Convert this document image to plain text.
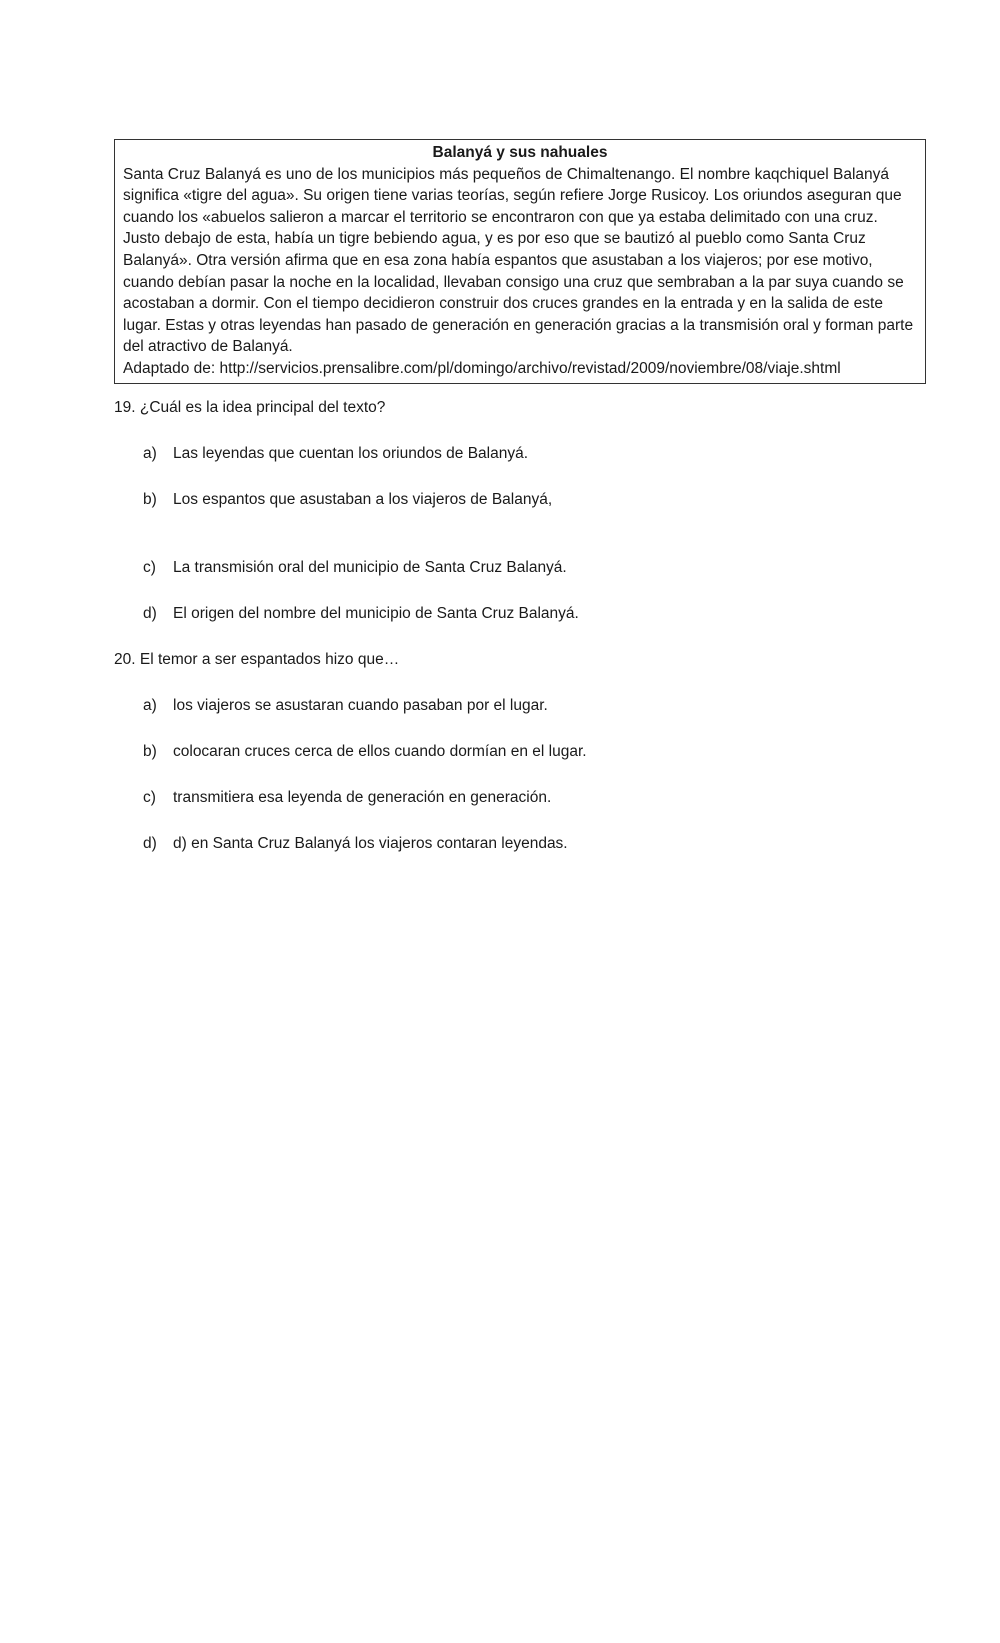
Balanyá y sus nahuales
Santa Cruz Balanyá es uno de los municipios más pequeños de Chimaltenango. El nombre kaqchiquel Balanyá significa «tigre del agua». Su origen tiene varias teorías, según refiere Jorge Rusicoy. Los oriundos aseguran que cuando los «abuelos salieron a marcar el territorio se encontraron con que ya estaba delimitado con una cruz. Justo debajo de esta, había un tigre bebiendo agua, y es por eso que se bautizó al pueblo como Santa Cruz Balanyá». Otra versión afirma que en esa zona había espantos que asustaban a los viajeros; por ese motivo, cuando debían pasar la noche en la localidad, llevaban consigo una cruz que sembraban a la par suya cuando se acostaban a dormir. Con el tiempo decidieron construir dos cruces grandes en la entrada y en la salida de este lugar. Estas y otras leyendas han pasado de generación en generación gracias a la transmisión oral y forman parte del atractivo de Balanyá.
Adaptado de: http://servicios.prensalibre.com/pl/domingo/archivo/revistad/2009/noviembre/08/viaje.shtml
19. ¿Cuál es la idea principal del texto?
a) Las leyendas que cuentan los oriundos de Balanyá.
b) Los espantos que asustaban a los viajeros de Balanyá,
c) La transmisión oral del municipio de Santa Cruz Balanyá.
d) El origen del nombre del municipio de Santa Cruz Balanyá.
20. El temor a ser espantados hizo que…
a) los viajeros se asustaran cuando pasaban por el lugar.
b) colocaran cruces cerca de ellos cuando dormían en el lugar.
c) transmitiera esa leyenda de generación en generación.
d) d) en Santa Cruz Balanyá los viajeros contaran leyendas.
